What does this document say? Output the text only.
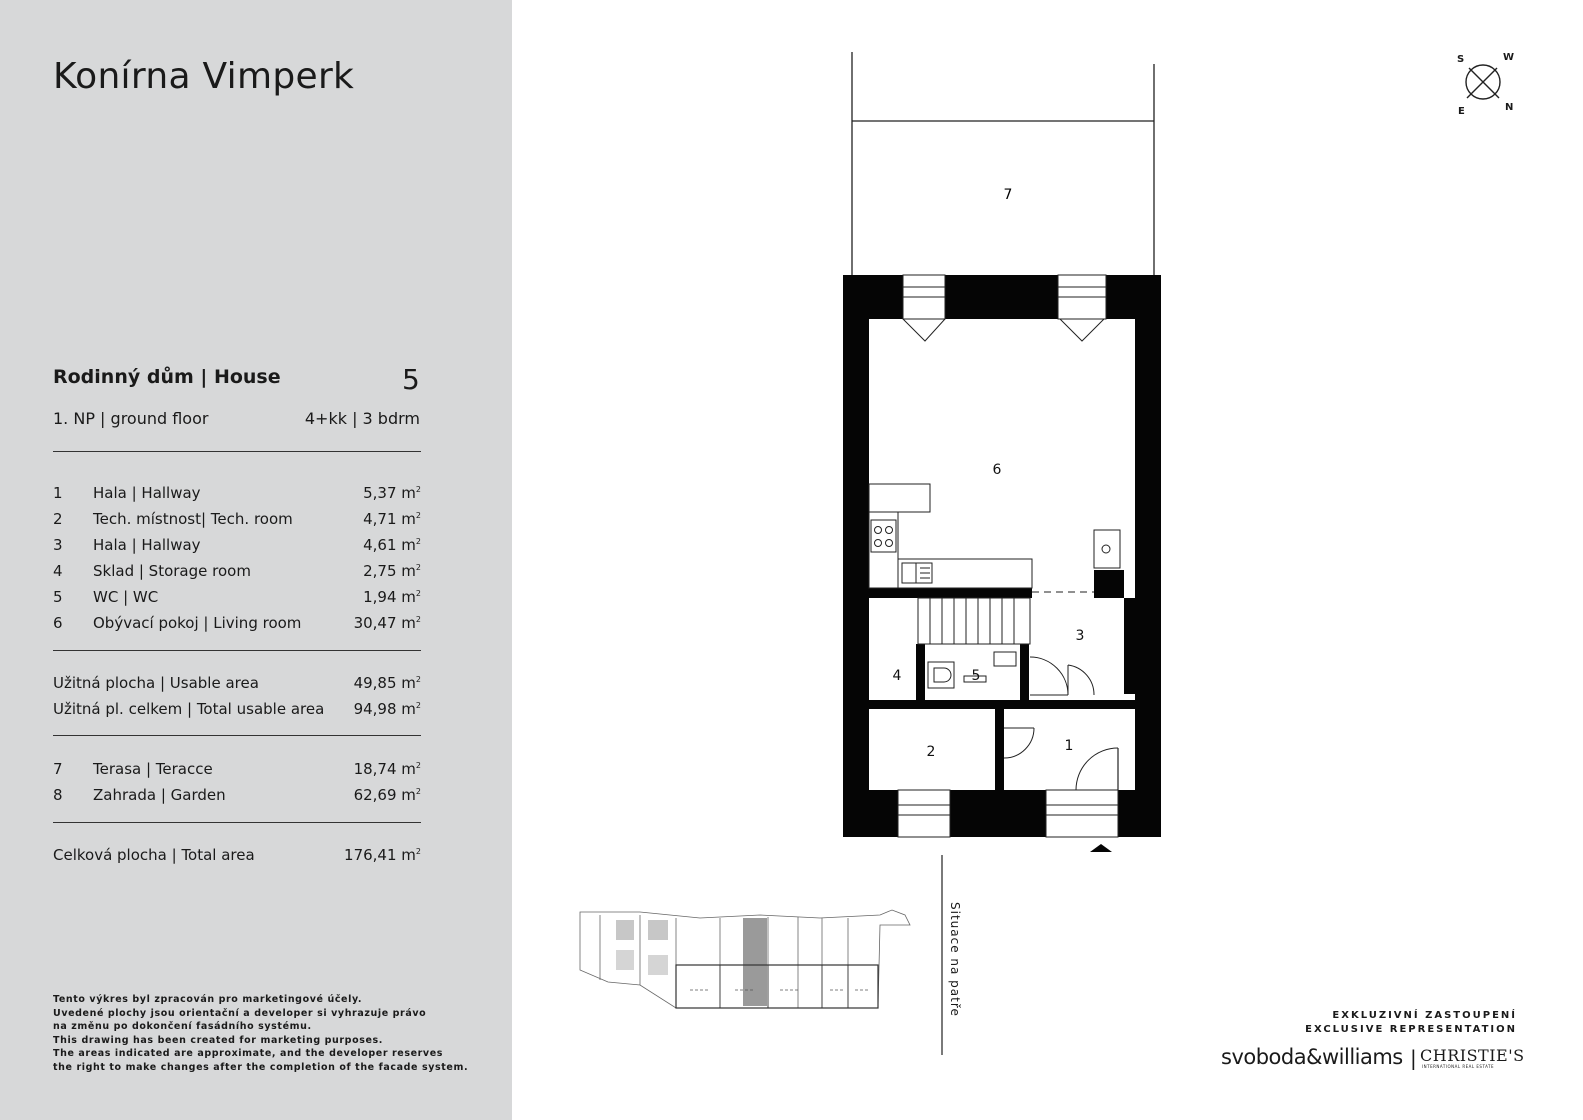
Konírna Vimperk
Rodinný dům | House	5
1. NP | ground floor	4+kk | 3 bdrm
1 Hala | Hallway	5,37 $m^2$
2 Tech. místnost| Tech. room	4,71 $m^2$
3 Hala | Hallway	4,61 $m^2$
4 Sklad | Storage room	2,75 $m^2$
5 WC | WC	1,94 $m^2$
6 Obývací pokoj | Living room	30,47 $m^2$
Užitná plocha | Usable area	49,85 $m^2$
Užitná pl. celkem | Total usable area 94,98 $m^2$
7 Terasa | Teracce	18,74 $m^2$
8 Zahrada | Garden	62,69 $m^2$
Celková plocha | Total area	176,41 $m^2$
Tento výkres byl zpracován pro marketingové účely.
Uvedené plochy jsou orientační a developer si vyhrazuje právo
na změnu po dokončení fasádního systému.
This drawing has been created for marketing purposes.
The areas indicated are approximate, and the developer reserves
the right to make changes after the completion of the facade system.
7
6
3
4	5
2	1
Situace na patře
S	W
E	N
EXKLUZIVNÍ ZASTOUPENÍ
EXCLUSIVE REPRESENTATION
svoboda&williams | CHRISTIE'S
INTERNATIONAL REAL ESTATE
